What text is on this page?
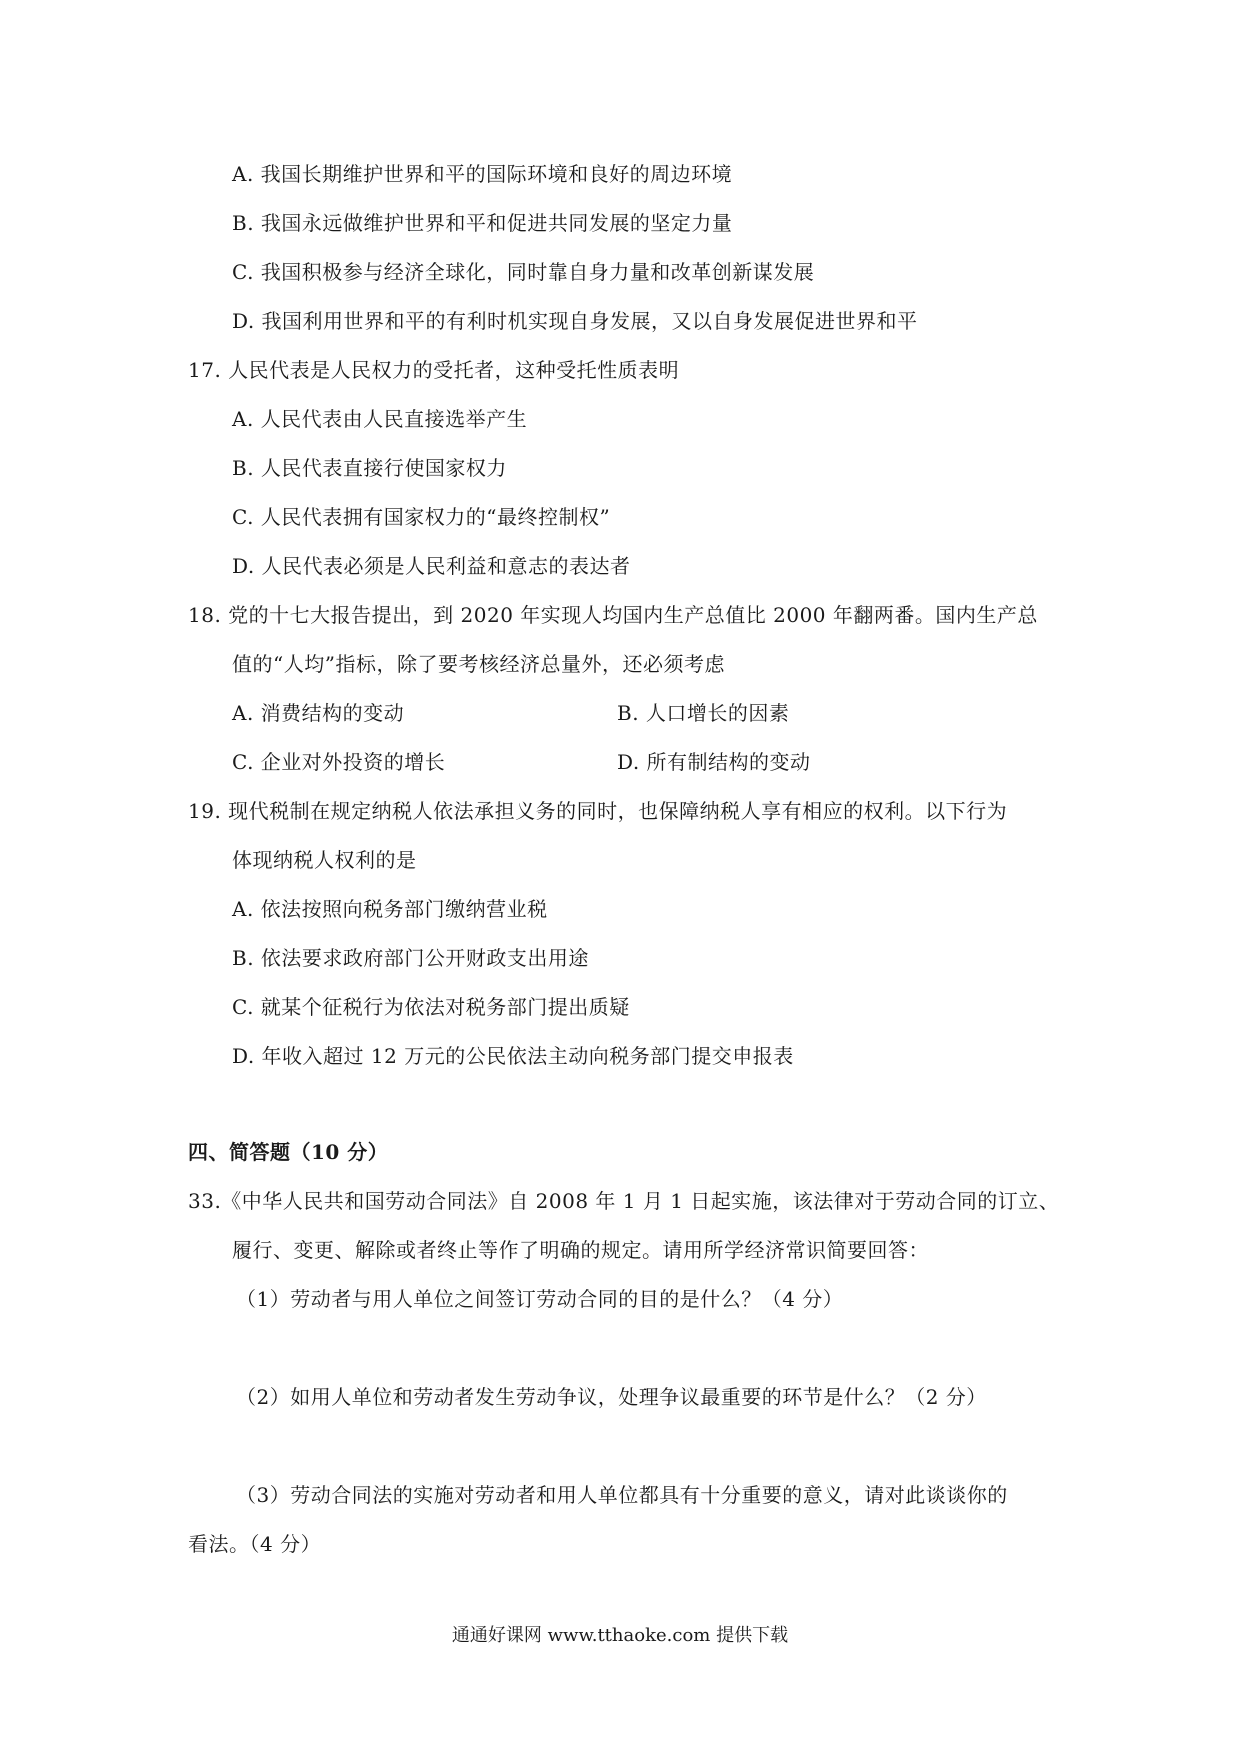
A. 我国长期维护世界和平的国际环境和良好的周边环境
B. 我国永远做维护世界和平和促进共同发展的坚定力量
C. 我国积极参与经济全球化，同时靠自身力量和改革创新谋发展
D. 我国利用世界和平的有利时机实现自身发展，又以自身发展促进世界和平
17. 人民代表是人民权力的受托者，这种受托性质表明
A. 人民代表由人民直接选举产生
B. 人民代表直接行使国家权力
C. 人民代表拥有国家权力的“最终控制权”
D. 人民代表必须是人民利益和意志的表达者
18. 党的十七大报告提出，到 2020 年实现人均国内生产总值比 2000 年翻两番。国内生产总
值的“人均”指标，除了要考核经济总量外，还必须考虑
A. 消费结构的变动	B. 人口增长的因素
C. 企业对外投资的增长	D. 所有制结构的变动
19. 现代税制在规定纳税人依法承担义务的同时，也保障纳税人享有相应的权利。以下行为
体现纳税人权利的是
A. 依法按照向税务部门缴纳营业税
B. 依法要求政府部门公开财政支出用途
C. 就某个征税行为依法对税务部门提出质疑
D. 年收入超过 12 万元的公民依法主动向税务部门提交申报表
四、简答题（10 分）
33.《中华人民共和国劳动合同法》自 2008 年 1 月 1 日起实施，该法律对于劳动合同的订立、
履行、变更、解除或者终止等作了明确的规定。请用所学经济常识简要回答：
（1）劳动者与用人单位之间签订劳动合同的目的是什么？（4 分）
（2）如用人单位和劳动者发生劳动争议，处理争议最重要的环节是什么？（2 分）
（3）劳动合同法的实施对劳动者和用人单位都具有十分重要的意义，请对此谈谈你的
看法。（4 分）
通通好课网 www.tthaoke.com 提供下载
